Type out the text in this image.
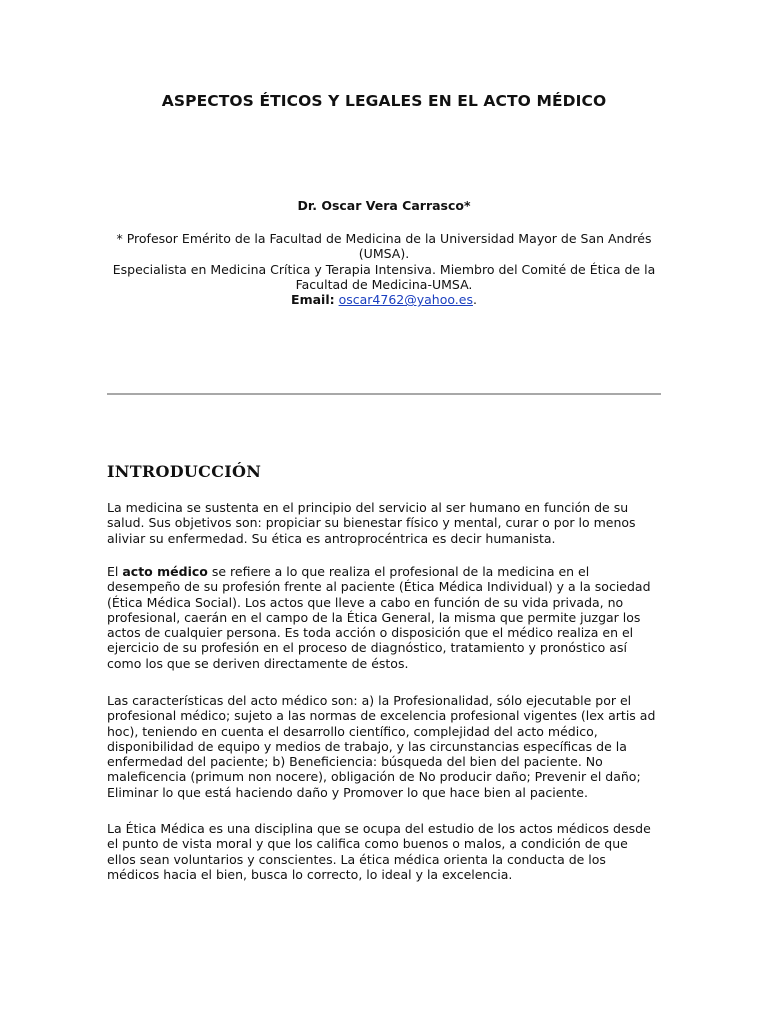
ASPECTOS ÉTICOS Y LEGALES EN EL ACTO MÉDICO
Dr. Oscar Vera Carrasco*
* Profesor Emérito de la Facultad de Medicina de la Universidad Mayor de San Andrés
(UMSA).
Especialista en Medicina Crítica y Terapia Intensiva. Miembro del Comité de Ética de la
Facultad de Medicina-UMSA.
Email: oscar4762@yahoo.es.
INTRODUCCIÓN

La medicina se sustenta en el principio del servicio al ser humano en función de su
salud. Sus objetivos son: propiciar su bienestar físico y mental, curar o por lo menos
aliviar su enfermedad. Su ética es antroprocéntrica es decir humanista.

El acto médico se refiere a lo que realiza el profesional de la medicina en el
desempeño de su profesión frente al paciente (Ética Médica Individual) y a la sociedad
(Ética Médica Social). Los actos que lleve a cabo en función de su vida privada, no
profesional, caerán en el campo de la Ética General, la misma que permite juzgar los
actos de cualquier persona. Es toda acción o disposición que el médico realiza en el
ejercicio de su profesión en el proceso de diagnóstico, tratamiento y pronóstico así
como los que se deriven directamente de éstos.

Las características del acto médico son: a) la Profesionalidad, sólo ejecutable por el
profesional médico; sujeto a las normas de excelencia profesional vigentes (lex artis ad
hoc), teniendo en cuenta el desarrollo científico, complejidad del acto médico,
disponibilidad de equipo y medios de trabajo, y las circunstancias específicas de la
enfermedad del paciente; b) Beneficiencia: búsqueda del bien del paciente. No
maleficencia (primum non nocere), obligación de No producir daño; Prevenir el daño;
Eliminar lo que está haciendo daño y Promover lo que hace bien al paciente.

La Ética Médica es una disciplina que se ocupa del estudio de los actos médicos desde
el punto de vista moral y que los califica como buenos o malos, a condición de que
ellos sean voluntarios y conscientes. La ética médica orienta la conducta de los
médicos hacia el bien, busca lo correcto, lo ideal y la excelencia.
